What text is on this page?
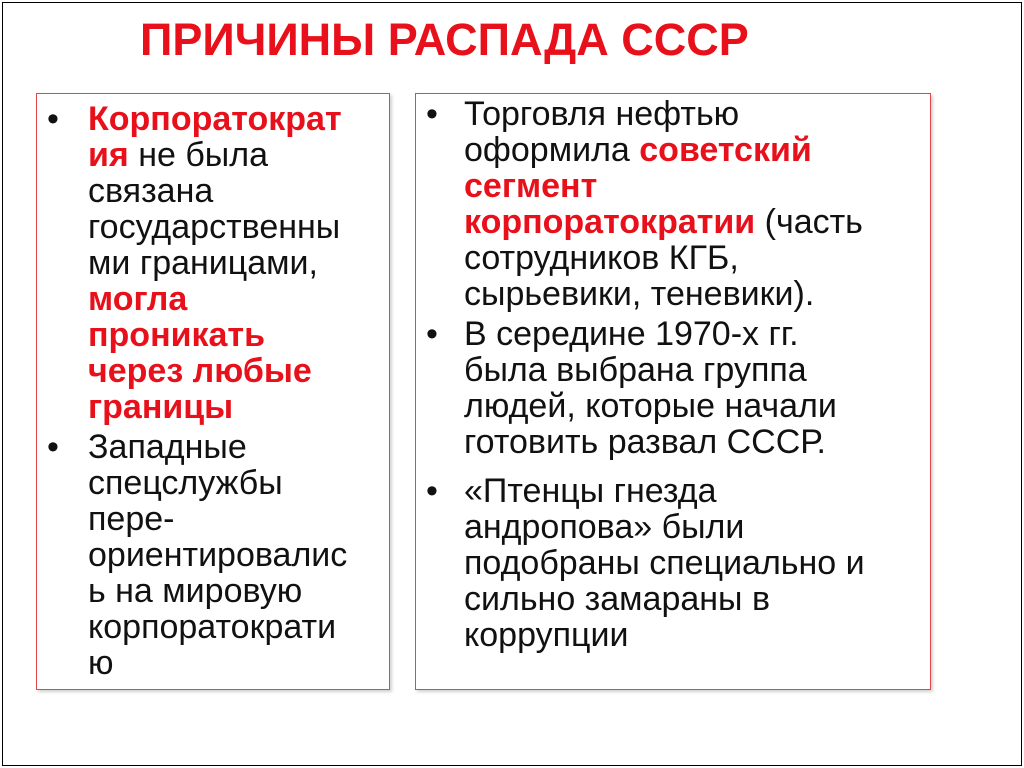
ПРИЧИНЫ РАСПАДА СССР
• Корпоратократ
ия не была
связана
государственны
ми границами,
могла
проникать
через любые
границы
• Западные
спецслужбы
пере-
ориентировалис
ь на мировую
корпоратократи
ю
• Торговля нефтью
оформила советский
сегмент
корпоратократии (часть
сотрудников КГБ,
сырьевики, теневики).
• В середине 1970-х гг.
была выбрана группа
людей, которые начали
готовить развал СССР.
• «Птенцы гнезда
андропова» были
подобраны специально и
сильно замараны в
коррупции
